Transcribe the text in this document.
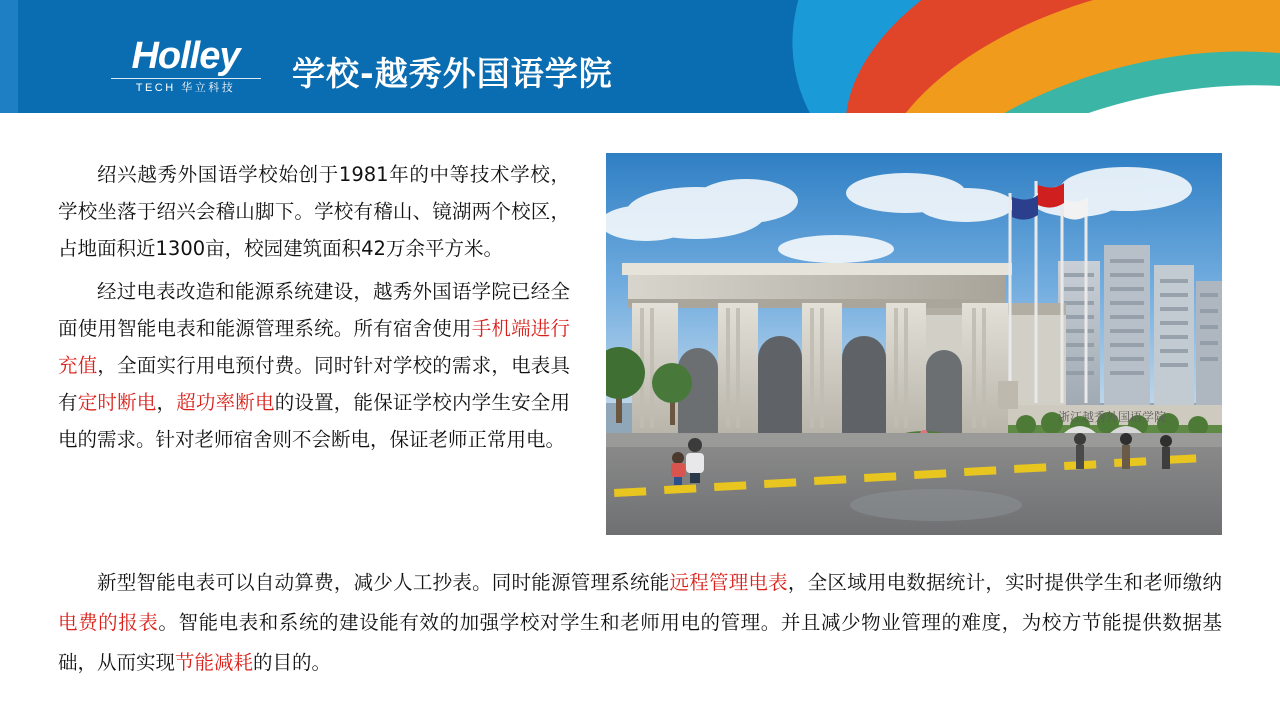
Holley
TECH 华立科技	学校-越秀外国语学院

绍兴越秀外国语学校始创于1981年的中等技术学校，学校坐落于绍兴会稽山脚下。学校有稽山、镜湖两个校区，占地面积近1300亩，校园建筑面积42万余平方米。

经过电表改造和能源系统建设，越秀外国语学院已经全面使用智能电表和能源管理系统。所有宿舍使用手机端进行充值，全面实行用电预付费。同时针对学校的需求，电表具有定时断电，超功率断电的设置，能保证学校内学生安全用电的需求。针对老师宿舍则不会断电，保证老师正常用电。

浙江越秀外国语学院
新型智能电表可以自动算费，减少人工抄表。同时能源管理系统能远程管理电表，全区域用电数据统计，实时提供学生和老师缴纳电费的报表。智能电表和系统的建设能有效的加强学校对学生和老师用电的管理。并且减少物业管理的难度，为校方节能提供数据基础，从而实现节能减耗的目的。
